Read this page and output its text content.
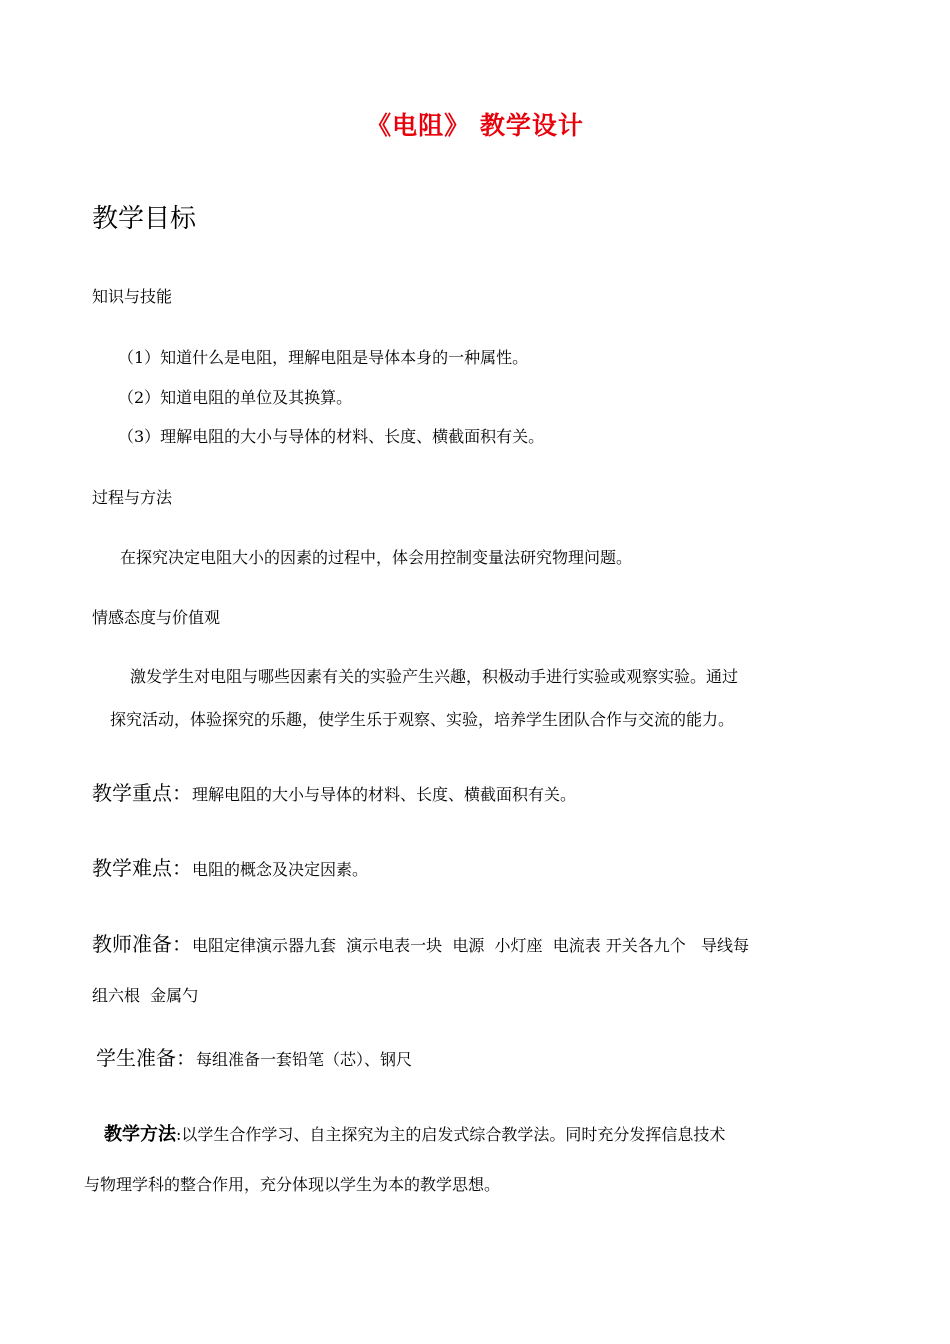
《电阻》 教学设计
教学目标
知识与技能
（1）知道什么是电阻，理解电阻是导体本身的一种属性。
（2）知道电阻的单位及其换算。
（3）理解电阻的大小与导体的材料、长度、横截面积有关。
过程与方法
在探究决定电阻大小的因素的过程中，体会用控制变量法研究物理问题。
情感态度与价值观
激发学生对电阻与哪些因素有关的实验产生兴趣，积极动手进行实验或观察实验。通过
探究活动，体验探究的乐趣，使学生乐于观察、实验，培养学生团队合作与交流的能力。
教学重点：理解电阻的大小与导体的材料、长度、横截面积有关。
教学难点：电阻的概念及决定因素。
教师准备：电阻定律演示器九套  演示电表一块  电源  小灯座  电流表 开关各九个   导线每
组六根  金属勺
学生准备：每组准备一套铅笔（芯）、钢尺
教学方法:以学生合作学习、自主探究为主的启发式综合教学法。同时充分发挥信息技术
与物理学科的整合作用，充分体现以学生为本的教学思想。
